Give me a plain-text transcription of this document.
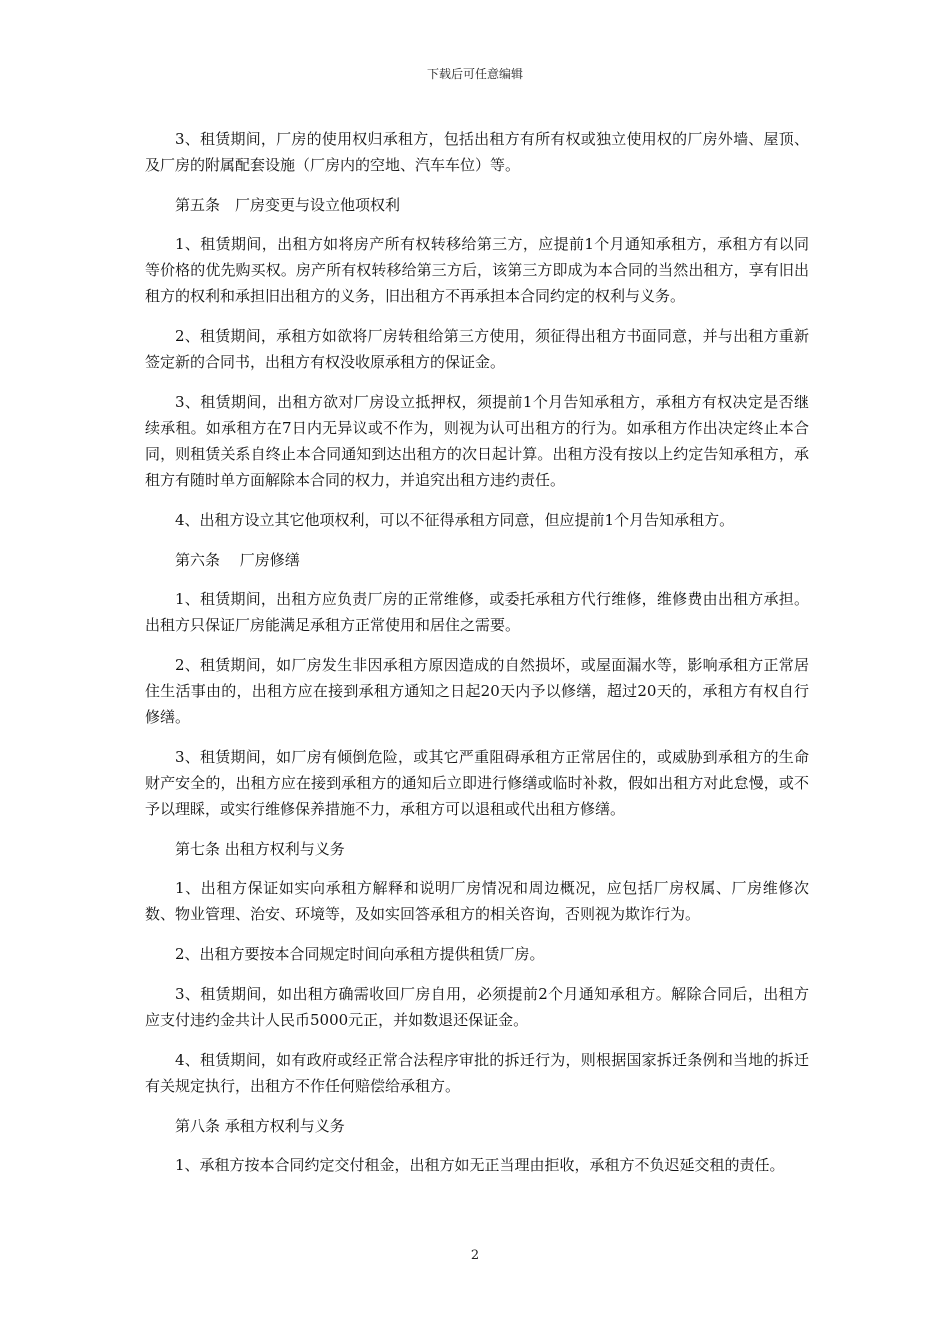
下载后可任意编辑

3、租赁期间，厂房的使用权归承租方，包括出租方有所有权或独立使用权的厂房外墙、屋顶、及厂房的附属配套设施（厂房内的空地、汽车车位）等。

第五条　厂房变更与设立他项权利

1、租赁期间，出租方如将房产所有权转移给第三方，应提前1个月通知承租方，承租方有以同等价格的优先购买权。房产所有权转移给第三方后，该第三方即成为本合同的当然出租方，享有旧出租方的权利和承担旧出租方的义务，旧出租方不再承担本合同约定的权利与义务。

2、租赁期间，承租方如欲将厂房转租给第三方使用，须征得出租方书面同意，并与出租方重新签定新的合同书，出租方有权没收原承租方的保证金。

3、租赁期间，出租方欲对厂房设立抵押权，须提前1个月告知承租方，承租方有权决定是否继续承租。如承租方在7日内无异议或不作为，则视为认可出租方的行为。如承租方作出决定终止本合同，则租赁关系自终止本合同通知到达出租方的次日起计算。出租方没有按以上约定告知承租方，承租方有随时单方面解除本合同的权力，并追究出租方违约责任。

4、出租方设立其它他项权利，可以不征得承租方同意，但应提前1个月告知承租方。

第六条　 厂房修缮

1、租赁期间，出租方应负责厂房的正常维修，或委托承租方代行维修，维修费由出租方承担。出租方只保证厂房能满足承租方正常使用和居住之需要。

2、租赁期间，如厂房发生非因承租方原因造成的自然损坏，或屋面漏水等，影响承租方正常居住生活事由的，出租方应在接到承租方通知之日起20天内予以修缮，超过20天的，承租方有权自行修缮。

3、租赁期间，如厂房有倾倒危险，或其它严重阻碍承租方正常居住的，或威胁到承租方的生命财产安全的，出租方应在接到承租方的通知后立即进行修缮或临时补救，假如出租方对此怠慢，或不予以理睬，或实行维修保养措施不力，承租方可以退租或代出租方修缮。

第七条 出租方权利与义务

1、出租方保证如实向承租方解释和说明厂房情况和周边概况，应包括厂房权属、厂房维修次数、物业管理、治安、环境等，及如实回答承租方的相关咨询，否则视为欺诈行为。

2、出租方要按本合同规定时间向承租方提供租赁厂房。

3、租赁期间，如出租方确需收回厂房自用，必须提前2个月通知承租方。解除合同后，出租方应支付违约金共计人民币5000元正，并如数退还保证金。

4、租赁期间，如有政府或经正常合法程序审批的拆迁行为，则根据国家拆迁条例和当地的拆迁有关规定执行，出租方不作任何赔偿给承租方。

第八条 承租方权利与义务

1、承租方按本合同约定交付租金，出租方如无正当理由拒收，承租方不负迟延交租的责任。

2
